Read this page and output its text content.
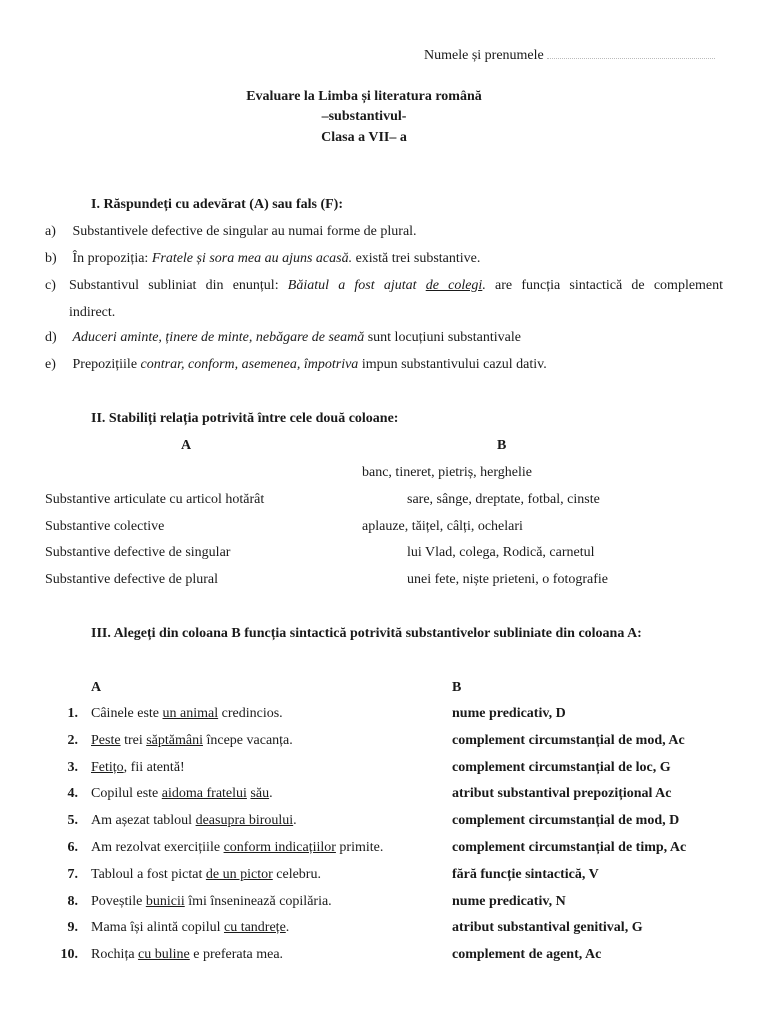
Numele și prenumele
Evaluare la Limba și literatura română
–substantivul-
Clasa a VII– a
I. Răspundeți cu adevărat (A) sau fals (F):
a) Substantivele defective de singular au numai forme de plural.
b) În propoziția: Fratele și sora mea au ajuns acasă. există trei substantive.
c) Substantivul subliniat din enunțul: Băiatul a fost ajutat de colegi. are funcția sintactică de complement
indirect.
d) Aduceri aminte, ținere de minte, nebăgare de seamă sunt locuțiuni substantivale
e) Prepozițiile contrar, conform, asemenea, împotriva impun substantivului cazul dativ.
II. Stabiliți relația potrivită între cele două coloane:
A	B
banc, tineret, pietriș, herghelie
Substantive articulate cu articol hotărât	sare, sânge, dreptate, fotbal, cinste
Substantive colective	aplauze, tăițel, câlți, ochelari
Substantive defective de singular	lui Vlad, colega, Rodică, carnetul
Substantive defective de plural	unei fete, niște prieteni, o fotografie
III. Alegeți din coloana B funcția sintactică potrivită substantivelor subliniate din coloana A:
A	B
1. Câinele este un animal credincios.	nume predicativ, D
2. Peste trei săptămâni începe vacanța.	complement circumstanțial de mod, Ac
3. Fetițo, fii atentă!	complement circumstanțial de loc, G
4. Copilul este aidoma fratelui său.	atribut substantival prepozițional Ac
5. Am așezat tabloul deasupra biroului.	complement circumstanțial de mod, D
6. Am rezolvat exercițiile conform indicațiilor primite.	complement circumstanțial de timp, Ac
7. Tabloul a fost pictat de un pictor celebru.	fără funcție sintactică, V
8. Poveștile bunicii îmi înseninează copilăria.	nume predicativ, N
9. Mama își alintă copilul cu tandrețe.	atribut substantival genitival, G
10. Rochița cu buline e preferata mea.	complement de agent, Ac
